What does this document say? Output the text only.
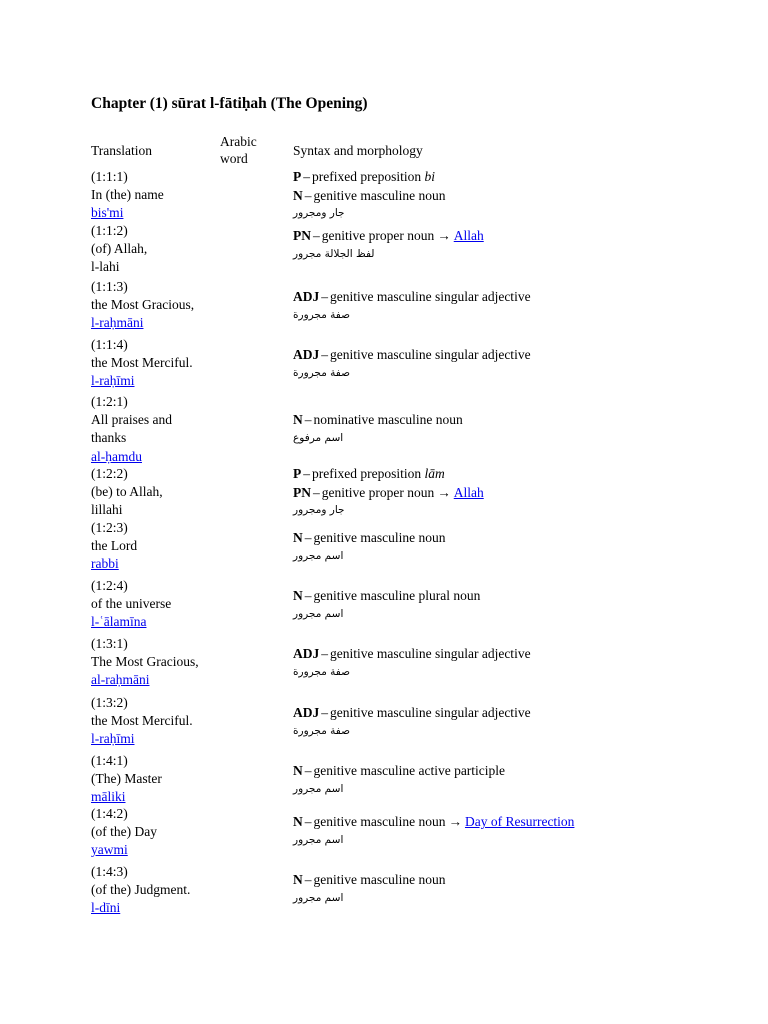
Chapter (1) sūrat l-fātiḥah (The Opening)
Translation
Arabic
word
Syntax and morphology
(1:1:1)
In (the) name
bis'mi
P – prefixed preposition bi
N – genitive masculine noun
جار ومجرور
(1:1:2)
(of) Allah,
l-lahi
PN – genitive proper noun → Allah
لفظ الجلالة مجرور
(1:1:3)
the Most Gracious,
l-raḥmāni
ADJ – genitive masculine singular adjective
صفة مجرورة
(1:1:4)
the Most Merciful.
l-raḥīmi
ADJ – genitive masculine singular adjective
صفة مجرورة
(1:2:1)
All praises and
thanks
al-ḥamdu
N – nominative masculine noun
اسم مرفوع
(1:2:2)
(be) to Allah,
lillahi
P – prefixed preposition lām
PN – genitive proper noun → Allah
جار ومجرور
(1:2:3)
the Lord
rabbi
N – genitive masculine noun
اسم مجرور
(1:2:4)
of the universe
l-ʿālamīna
N – genitive masculine plural noun
اسم مجرور
(1:3:1)
The Most Gracious,
al-raḥmāni
ADJ – genitive masculine singular adjective
صفة مجرورة
(1:3:2)
the Most Merciful.
l-raḥīmi
ADJ – genitive masculine singular adjective
صفة مجرورة
(1:4:1)
(The) Master
māliki
N – genitive masculine active participle
اسم مجرور
(1:4:2)
(of the) Day
yawmi
N – genitive masculine noun → Day of Resurrection
اسم مجرور
(1:4:3)
(of the) Judgment.
l-dīni
N – genitive masculine noun
اسم مجرور
